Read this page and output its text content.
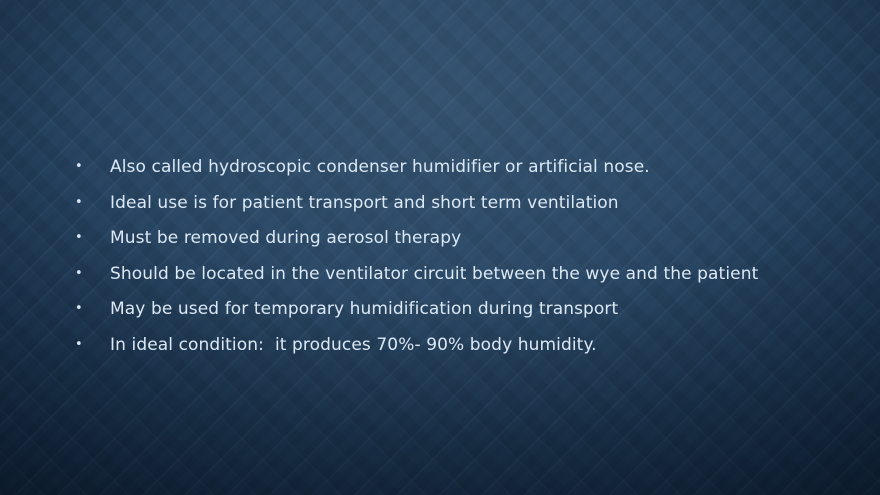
•	Also called hydroscopic condenser humidifier or artificial nose.
•	Ideal use is for patient transport and short term ventilation
•	Must be removed during aerosol therapy
•	Should be located in the ventilator circuit between the wye and the patient
•	May be used for temporary humidification during transport
•	In ideal condition:  it produces 70%- 90% body humidity.
